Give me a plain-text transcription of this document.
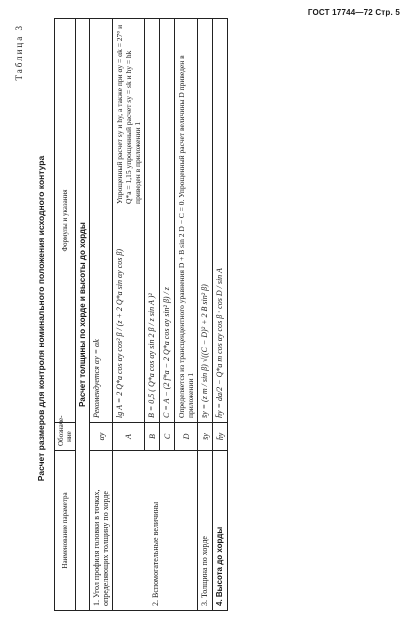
ГОСТ 17744—72 Стр. 5
Таблица 3
Расчет размеров для контроля номинального положения исходного контура
Наименование параметра	Обозначе-ние	Формулы и указания
Расчет толщины по хорде и высоты до хорды		
1. Угол профиля головки в точках, определяющих толщину по хорде	αy	Рекомендуется αy = αk
2. Вспомогательные величины	A	lg A = 2 Q*a cos αy cos² β / (z + 2 Q*a sin αy cos β)
Упрощенный расчет sy и hy, а также при αy = αk = 27° и Q*a = 1,15 упрощенный расчет sy = sk и hy = hk приведен в приложении 1

	B	B = 0,5 ( Q*a cos αy sin 2 β / z sin A )²
	C	C = A − (2 f*a − 2 Q*a cos αy sin² β) / z
	D	Определяется из трансцендентного уравнения D + B sin 2 D − C = 0. Упрощенный расчет величины D приведен в приложении 1
3. Толщина по хорде	s̄y	s̄y = (z m / sin β) √((C − D)² + 2 B sin² β)
4. Высота до хорды	h̄y	h̄y = da/2 − Q*a m cos αy cos β · cos D / sin A
